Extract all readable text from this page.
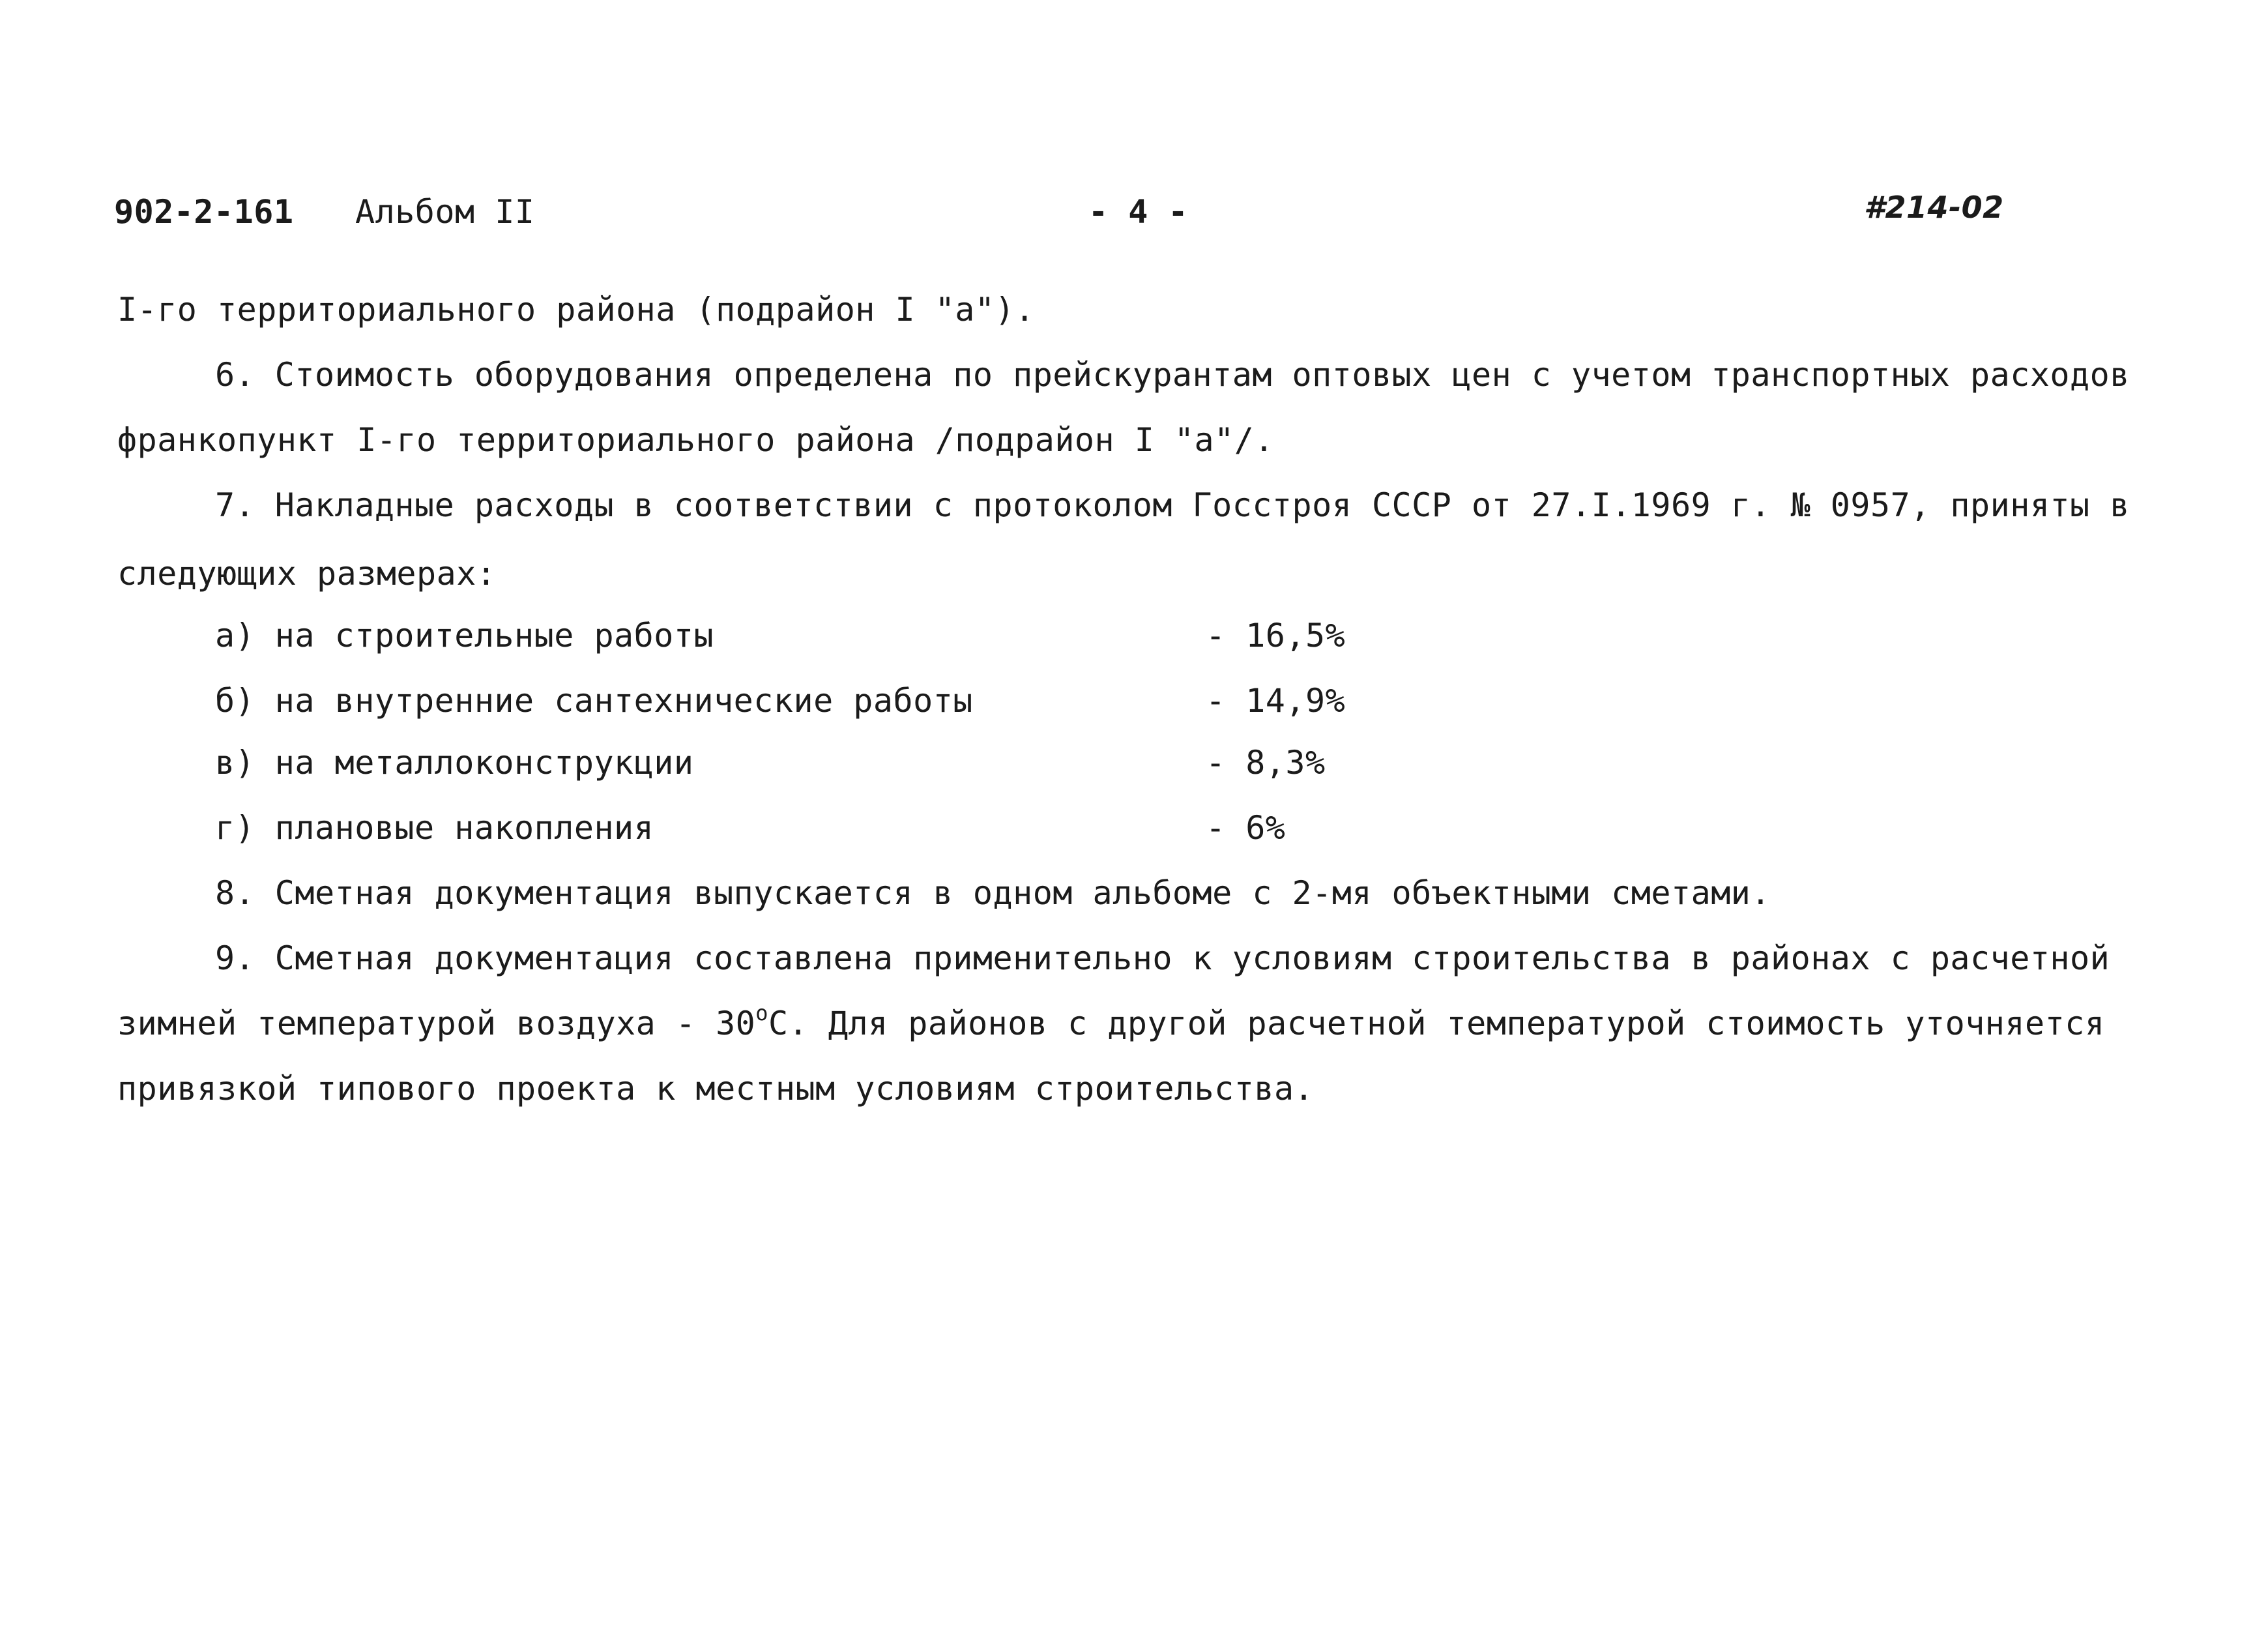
902-2-161 Альбом II	- 4 -	#214-02
I-го территориального района (подрайон I "а").
6. Стоимость оборудования определена по прейскурантам оптовых цен с учетом транспортных расходов
франкопункт I-го территориального района /подрайон I "а"/.
7. Накладные расходы в соответствии с протоколом Госстроя СССР от 27.I.1969 г. № 0957, приняты в
следующих размерах:
а) на строительные работы	- 16,5%
б) на внутренние сантехнические работы	- 14,9%
в) на металлоконструкции	- 8,3%
г) плановые накопления	- 6%
8. Сметная документация выпускается в одном альбоме с 2-мя объектными сметами.
9. Сметная документация составлена применительно к условиям строительства в районах с расчетной
зимней температурой воздуха - $30^оС$. Для районов с другой расчетной температурой стоимость уточняется
привязкой типового проекта к местным условиям строительства.
